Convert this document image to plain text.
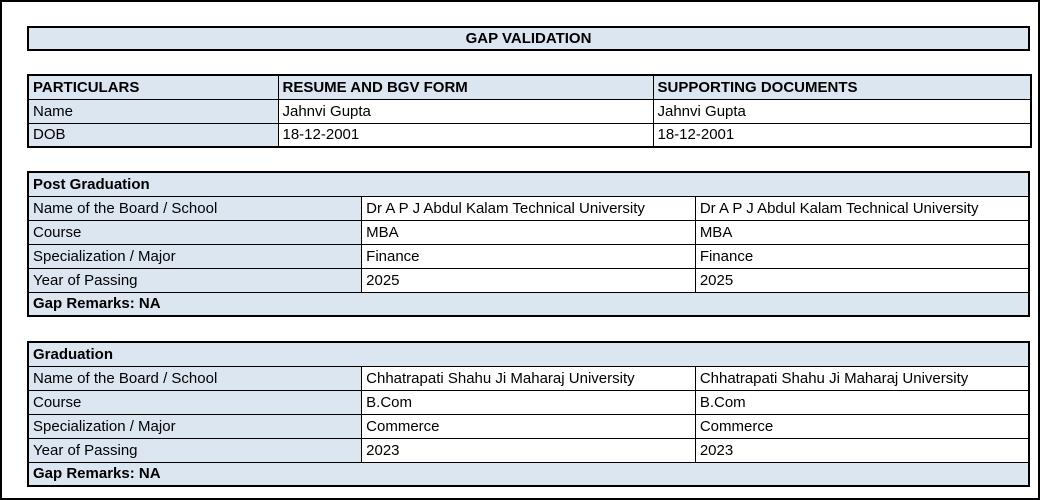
GAP VALIDATION
PARTICULARS	RESUME AND BGV FORM	SUPPORTING DOCUMENTS
Name	Jahnvi Gupta	Jahnvi Gupta
DOB	18-12-2001	18-12-2001
Post Graduation		
Name of the Board / School	Dr A P J Abdul Kalam Technical University	Dr A P J Abdul Kalam Technical University
Course	MBA	MBA
Specialization / Major	Finance	Finance
Year of Passing	2025	2025
Gap Remarks: NA		
Graduation		
Name of the Board / School	Chhatrapati Shahu Ji Maharaj University	Chhatrapati Shahu Ji Maharaj University
Course	B.Com	B.Com
Specialization / Major	Commerce	Commerce
Year of Passing	2023	2023
Gap Remarks: NA		
